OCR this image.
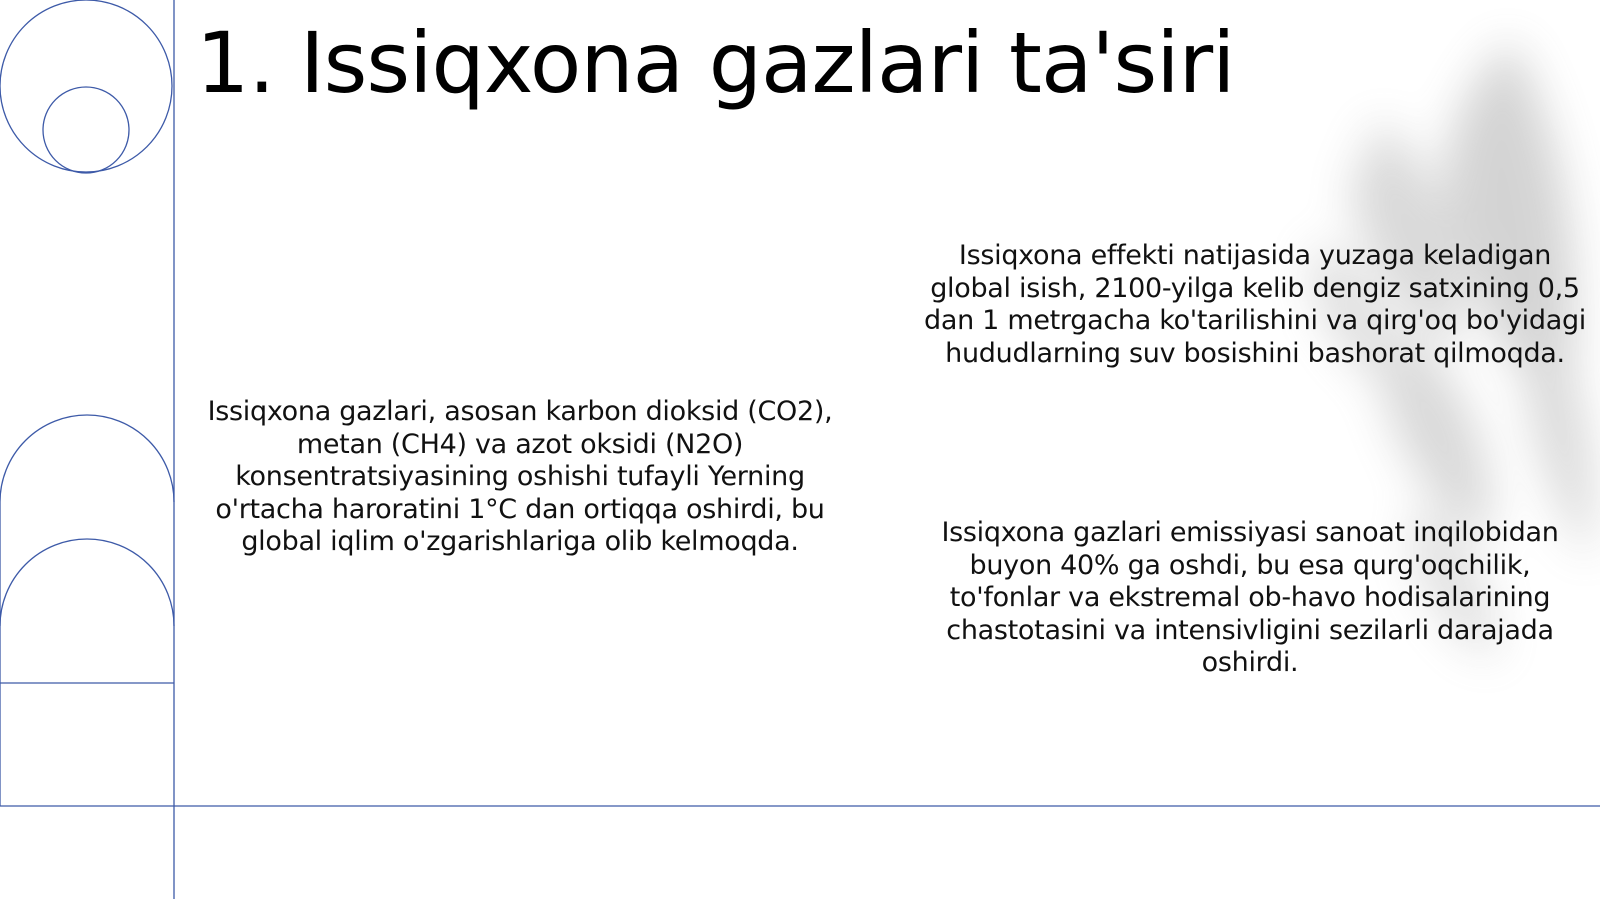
1. Issiqxona gazlari ta'siri

Issiqxona gazlari, asosan karbon dioksid (CO2), metan (CH4) va azot oksidi (N2O) konsentratsiyasining oshishi tufayli Yerning o'rtacha haroratini 1°C dan ortiqqa oshirdi, bu global iqlim o'zgarishlariga olib kelmoqda.

Issiqxona effekti natijasida yuzaga keladigan global isish, 2100-yilga kelib dengiz satxining 0,5 dan 1 metrgacha ko'tarilishini va qirg'oq bo'yidagi hududlarning suv bosishini bashorat qilmoqda.

Issiqxona gazlari emissiyasi sanoat inqilobidan buyon 40% ga oshdi, bu esa qurg'oqchilik, to'fonlar va ekstremal ob-havo hodisalarining chastotasini va intensivligini sezilarli darajada oshirdi.
